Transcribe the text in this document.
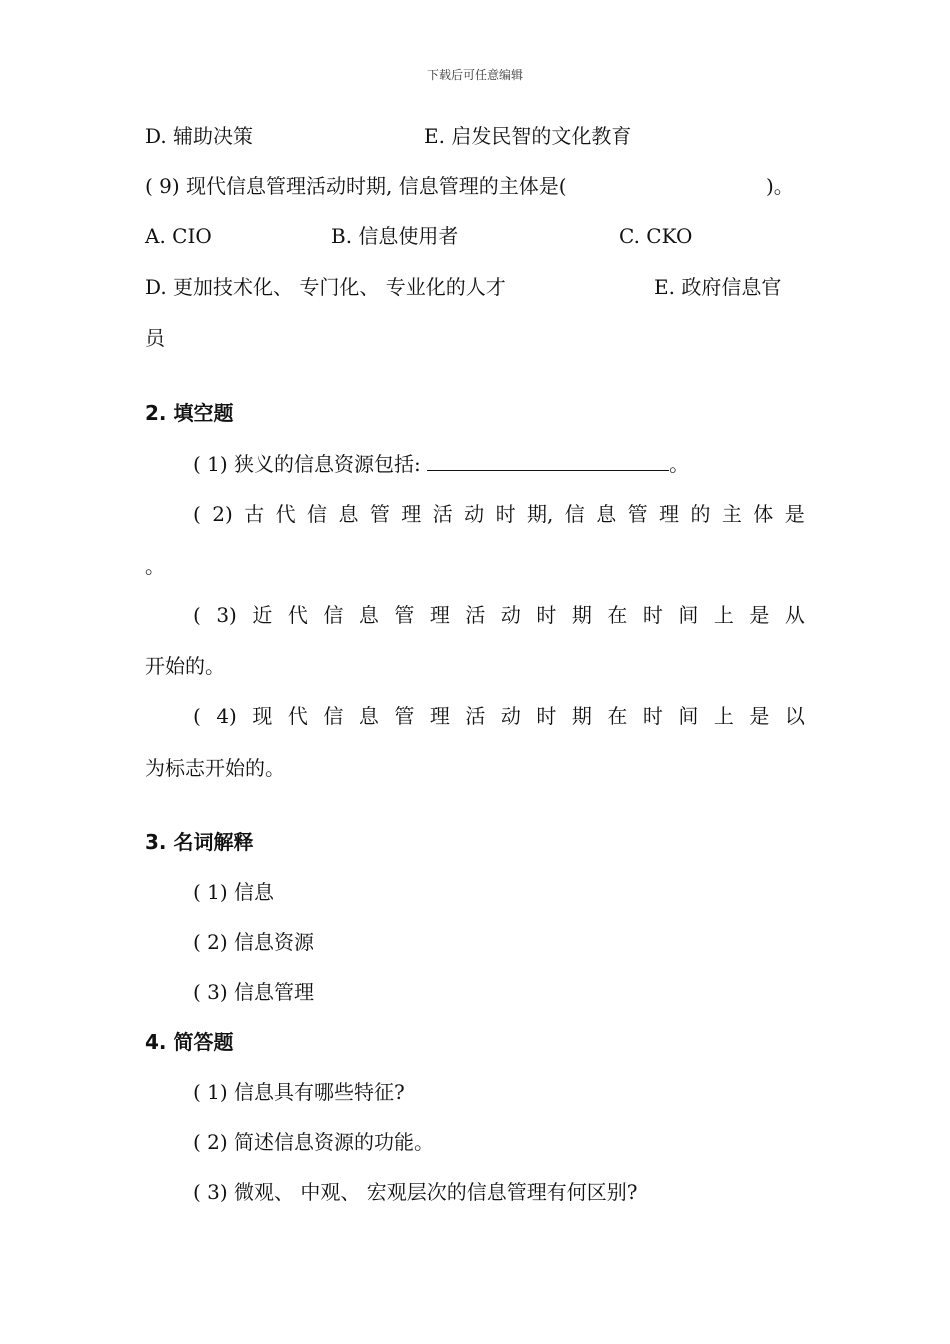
下载后可任意编辑
D. 辅助决策	E. 启发民智的文化教育
( 9) 现代信息管理活动时期, 信息管理的主体是(	)。
A. CIO	B. 信息使用者	C. CKO
D. 更加技术化、 专门化、 专业化的人才	E. 政府信息官
员
2. 填空题
( 1) 狭义的信息资源包括:	。
( 2) 古 代 信 息 管 理 活 动 时 期, 信 息 管 理 的 主 体 是
。
( 3) 近 代 信 息 管 理 活 动 时 期 在 时 间 上 是 从
开始的。
( 4) 现 代 信 息 管 理 活 动 时 期 在 时 间 上 是 以
为标志开始的。
3. 名词解释
( 1) 信息
( 2) 信息资源
( 3) 信息管理
4. 简答题
( 1) 信息具有哪些特征?
( 2) 简述信息资源的功能。
( 3) 微观、 中观、 宏观层次的信息管理有何区别?
